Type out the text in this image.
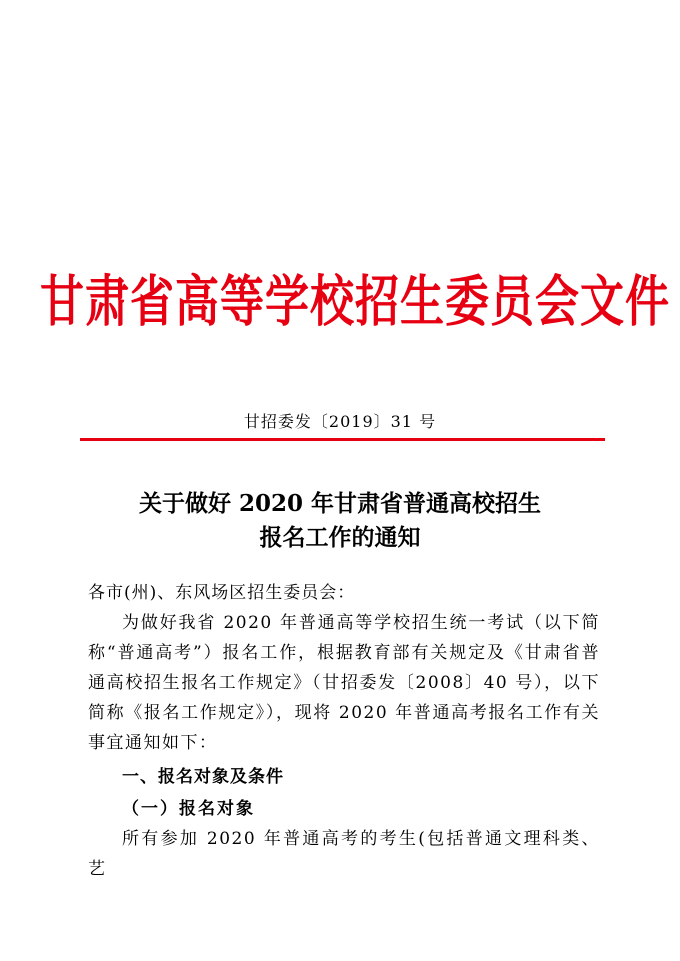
甘肃省高等学校招生委员会文件
甘招委发〔2019〕31 号
关于做好 2020 年甘肃省普通高校招生
报名工作的通知

各市(州)、东风场区招生委员会：

为做好我省 2020 年普通高等学校招生统一考试（以下简称“普通高考”）报名工作，根据教育部有关规定及《甘肃省普通高校招生报名工作规定》（甘招委发〔2008〕40 号），以下简称《报名工作规定》），现将 2020 年普通高考报名工作有关事宜通知如下：

一、报名对象及条件

（一）报名对象

所有参加 2020 年普通高考的考生(包括普通文理科类、艺
